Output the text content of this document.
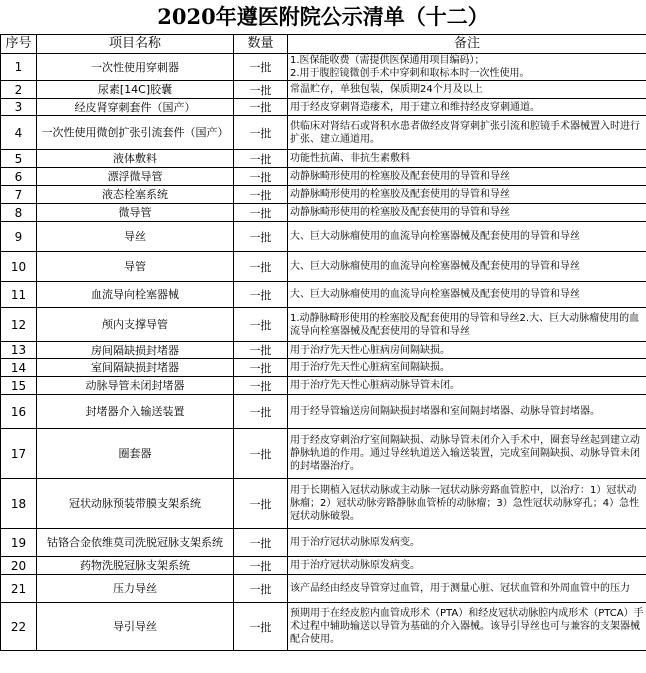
2020年遵医附院公示清单（十二）
序号	项目名称	数量	备注
1	一次性使用穿刺器	一批	1.医保能收费（需提供医保通用项目编码）；
2.用于腹腔镜微创手术中穿刺和取标本时一次性使用。
2	尿素[14C]胶囊	一批	常温贮存，单独包装，保质期24个月及以上
3	经皮肾穿刺套件（国产）	一批	用于经皮穿刺肾造瘘术，用于建立和维持经皮穿刺通道。
4	一次性使用微创扩张引流套件（国产）	一批	供临床对肾结石或肾积水患者做经皮肾穿刺扩张引流和腔镜手术器械置入时进行扩张、建立通道用。
5	液体敷料	一批	功能性抗菌、非抗生素敷料
6	漂浮微导管	一批	动静脉畸形使用的栓塞胶及配套使用的导管和导丝
7	液态栓塞系统	一批	动静脉畸形使用的栓塞胶及配套使用的导管和导丝
8	微导管	一批	动静脉畸形使用的栓塞胶及配套使用的导管和导丝
9	导丝	一批	大、巨大动脉瘤使用的血流导向栓塞器械及配套使用的导管和导丝
10	导管	一批	大、巨大动脉瘤使用的血流导向栓塞器械及配套使用的导管和导丝
11	血流导向栓塞器械	一批	大、巨大动脉瘤使用的血流导向栓塞器械及配套使用的导管和导丝
12	颅内支撑导管	一批	1.动静脉畸形使用的栓塞胶及配套使用的导管和导丝2.大、巨大动脉瘤使用的血流导向栓塞器械及配套使用的导管和导丝
13	房间隔缺损封堵器	一批	用于治疗先天性心脏病房间隔缺损。
14	室间隔缺损封堵器	一批	用于治疗先天性心脏病室间隔缺损。
15	动脉导管未闭封堵器	一批	用于治疗先天性心脏病动脉导管未闭。
16	封堵器介入输送装置	一批	用于经导管输送房间隔缺损封堵器和室间隔封堵器、动脉导管封堵器。
17	圈套器	一批	用于经皮穿刺治疗室间隔缺损、动脉导管未闭介入手术中，圈套导丝起到建立动静脉轨道的作用。通过导丝轨道送入输送装置，完成室间隔缺损、动脉导管未闭的封堵器治疗。
18	冠状动脉预装带膜支架系统	一批	用于长期植入冠状动脉或主动脉一冠状动脉旁路血管腔中，以治疗：1）冠状动脉瘤；2）冠状动脉旁路静脉血管桥的动脉瘤；3）急性冠状动脉穿孔；4）急性冠状动脉破裂。
19	钴铬合金依维莫司洗脱冠脉支架系统	一批	用于治疗冠状动脉原发病变。
20	药物洗脱冠脉支架系统	一批	用于治疗冠状动脉原发病变。
21	压力导丝	一批	该产品经由经皮导管穿过血管，用于测量心脏、冠状血管和外周血管中的压力
22	导引导丝	一批	预期用于在经皮腔内血管成形术（PTA）和经皮冠状动脉腔内成形术（PTCA）手术过程中辅助输送以导管为基础的介入器械。该导引导丝也可与兼容的支架器械配合使用。
